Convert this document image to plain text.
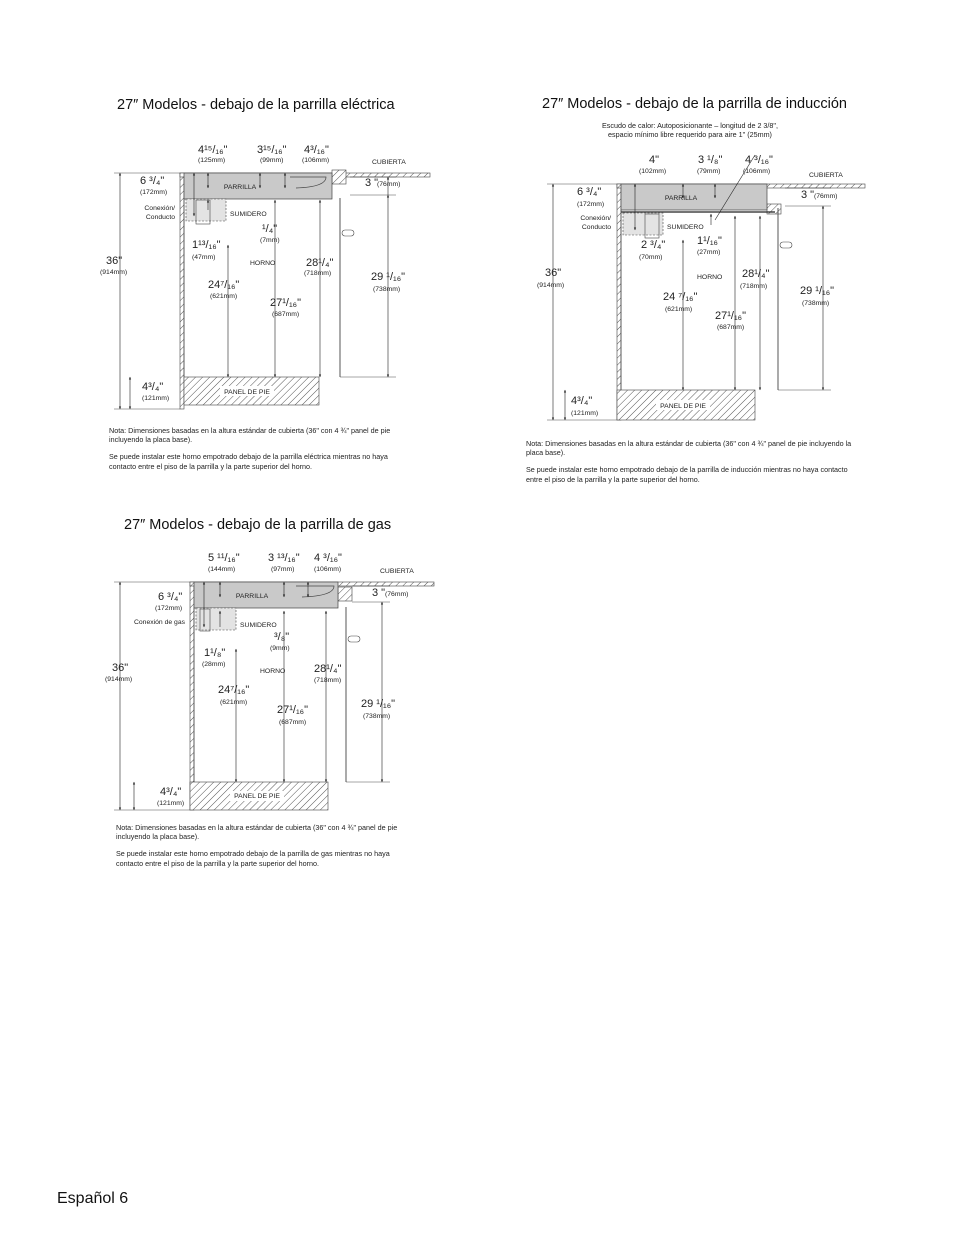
27″ Modelos - debajo de la parrilla eléctrica
PANEL DE PIE
PARRILLA
CUBIERTA
SUMIDERO
HORNO
Conexión/
Conducto
4¹⁵/₁₆"
(125mm)
3¹⁵/₁₆"
(99mm)
4³/₁₆"
(106mm)
3 "
(76mm)
6 ³/₄"
(172mm)
36"
(914mm)
¹/₄"
(7mm)
1¹³/₁₆"
(47mm)	28¹/₄"
(718mm)
24⁷/₁₆"
(621mm)
27¹/₁₆"
(687mm)
29 ¹/₁₆"
(738mm)
4³/₄"
(121mm)

Nota: Dimensiones basadas en la altura estándar de cubierta (36" con 4 ¾" panel de pie incluyendo la placa base).

Se puede instalar este horno empotrado debajo de la parrilla eléctrica mientras no haya contacto entre el piso de la parrilla y la parte superior del horno.

27″ Modelos - debajo de la parrilla de inducción
Escudo de calor: Autoposicionante – longitud de 2 3/8",
espacio mínimo libre requerido para aire 1" (25mm)
PANEL DE PIE
PARRILLA
CUBIERTA
SUMIDERO
HORNO
Conexión/
Conducto
4"
(102mm)
3 ¹/₈"
(79mm)
4 ³/₁₆"
(106mm)
3 " (76mm)
6 ³/₄"
(172mm)
36"
(914mm)
2 ³/₄"
(70mm)
1¹/₁₆"
(27mm)
28¹/₄"
(718mm)
24 ⁷/₁₆"
(621mm)
27¹/₁₆"
(687mm)
29 ¹/₁₆"
(738mm)
4³/₄"
(121mm)

Nota: Dimensiones basadas en la altura estándar de cubierta (36" con 4 ¾" panel de pie incluyendo la placa base).

Se puede instalar este horno empotrado debajo de la parrilla de inducción mientras no haya contacto entre el piso de la parrilla y la parte superior del horno.

27″ Modelos - debajo de la parrilla de gas
PANEL DE PIE
PARRILLA
CUBIERTA
SUMIDERO
HORNO
Conexión de gas
5 ¹¹/₁₆"
(144mm)
3 ¹³/₁₆"
(97mm)
4 ³/₁₆"
(106mm)
3 " (76mm)
6 ³/₄"
(172mm)
36"
(914mm)
³/₈"
(9mm)
1¹/₈"
(28mm)	28¹/₄"
(718mm)
24⁷/₁₆"
(621mm)
27¹/₁₆"
(687mm)
29 ¹/₁₆"
(738mm)
4³/₄"
(121mm)

Nota: Dimensiones basadas en la altura estándar de cubierta (36" con 4 ¾" panel de pie incluyendo la placa base).

Se puede instalar este horno empotrado debajo de la parrilla de gas mientras no haya contacto entre el piso de la parrilla y la parte superior del horno.

Español 6
